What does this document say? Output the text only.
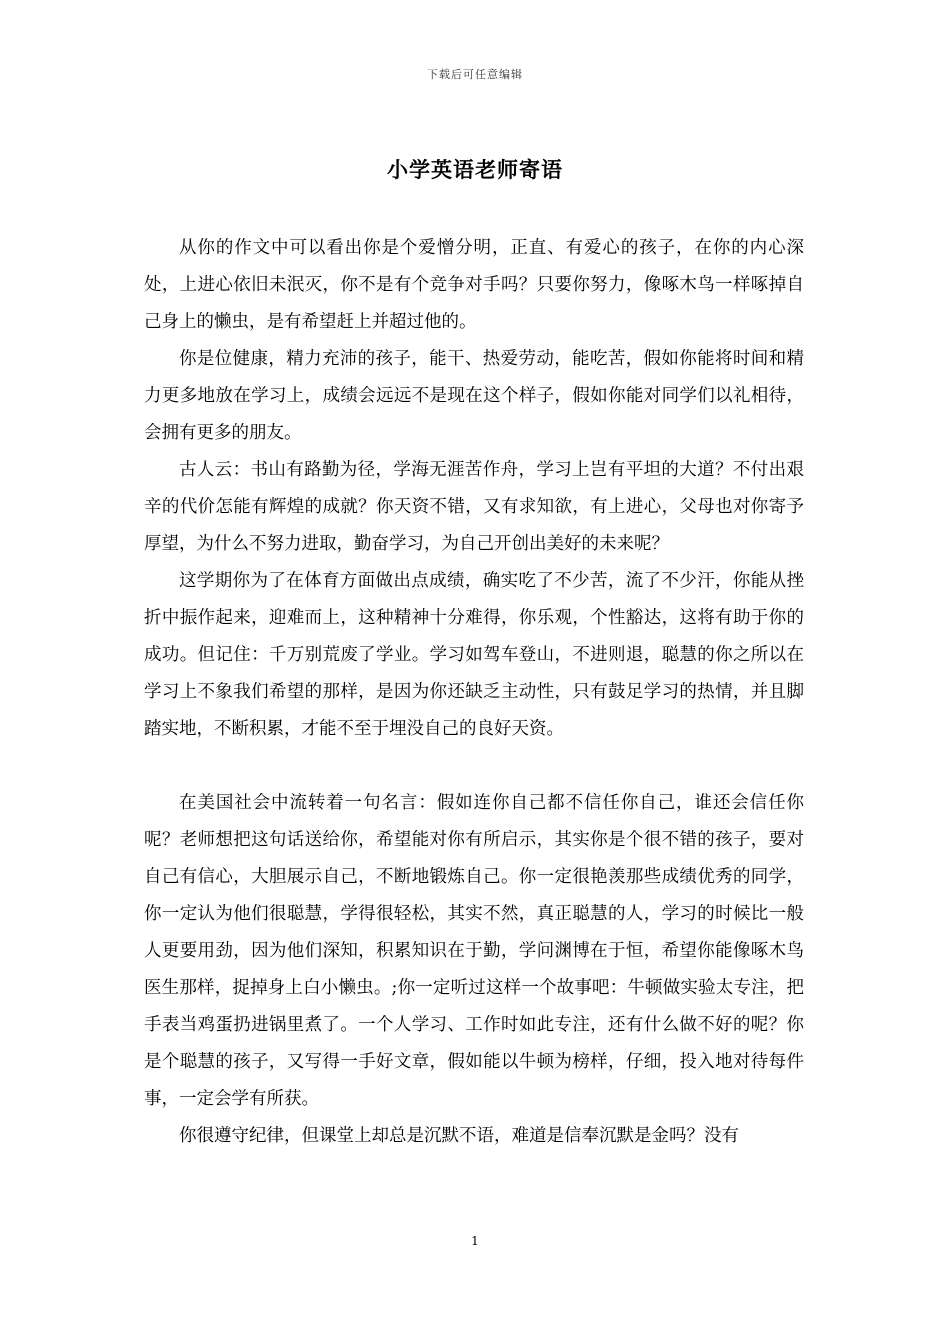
下载后可任意编辑
小学英语老师寄语

从你的作文中可以看出你是个爱憎分明，正直、有爱心的孩子，在你的内心深处，上进心依旧未泯灭，你不是有个竞争对手吗？只要你努力，像啄木鸟一样啄掉自己身上的懒虫，是有希望赶上并超过他的。

你是位健康，精力充沛的孩子，能干、热爱劳动，能吃苦，假如你能将时间和精力更多地放在学习上，成绩会远远不是现在这个样子，假如你能对同学们以礼相待，会拥有更多的朋友。

古人云：书山有路勤为径，学海无涯苦作舟，学习上岂有平坦的大道？不付出艰辛的代价怎能有辉煌的成就？你天资不错，又有求知欲，有上进心，父母也对你寄予厚望，为什么不努力进取，勤奋学习，为自己开创出美好的未来呢？

这学期你为了在体育方面做出点成绩，确实吃了不少苦，流了不少汗，你能从挫折中振作起来，迎难而上，这种精神十分难得，你乐观，个性豁达，这将有助于你的成功。但记住：千万别荒废了学业。学习如驾车登山，不进则退，聪慧的你之所以在学习上不象我们希望的那样，是因为你还缺乏主动性，只有鼓足学习的热情，并且脚踏实地，不断积累，才能不至于埋没自己的良好天资。

在美国社会中流转着一句名言：假如连你自己都不信任你自己，谁还会信任你呢？老师想把这句话送给你，希望能对你有所启示，其实你是个很不错的孩子，要对自己有信心，大胆展示自己，不断地锻炼自己。你一定很艳羡那些成绩优秀的同学，你一定认为他们很聪慧，学得很轻松，其实不然，真正聪慧的人，学习的时候比一般人更要用劲，因为他们深知，积累知识在于勤，学问渊博在于恒，希望你能像啄木鸟医生那样，捉掉身上白小懒虫。;你一定听过这样一个故事吧：牛顿做实验太专注，把手表当鸡蛋扔进锅里煮了。一个人学习、工作时如此专注，还有什么做不好的呢？你是个聪慧的孩子，又写得一手好文章，假如能以牛顿为榜样，仔细，投入地对待每件事，一定会学有所获。

你很遵守纪律，但课堂上却总是沉默不语，难道是信奉沉默是金吗？没有

1
